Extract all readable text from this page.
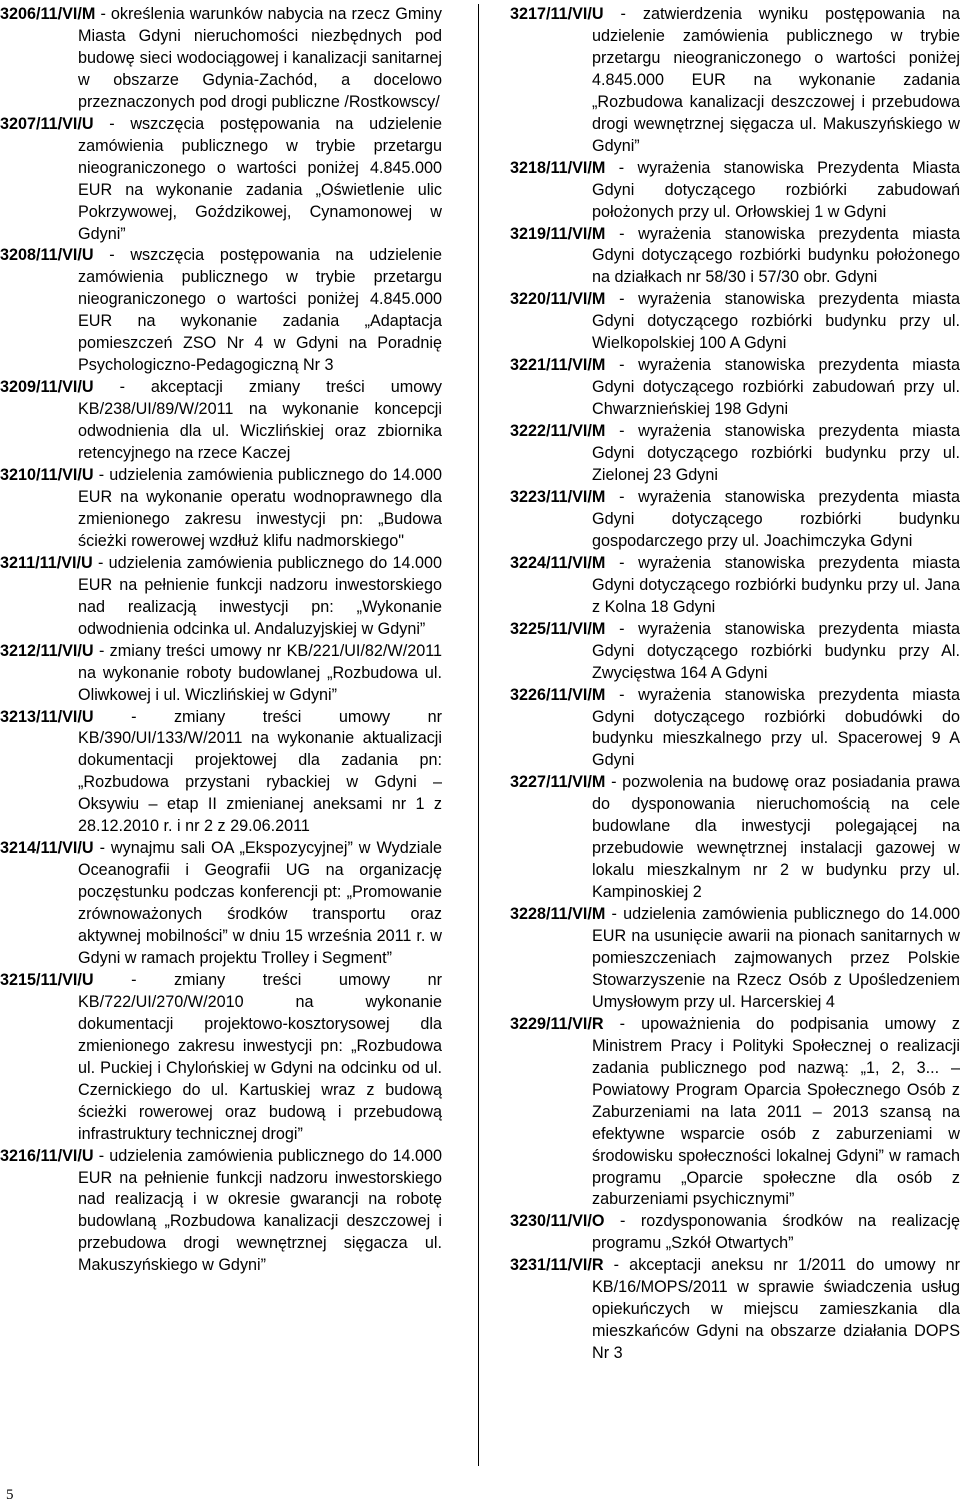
3206/11/VI/M - określenia warunków nabycia na rzecz Gminy Miasta Gdyni nieruchomości niezbędnych pod budowę sieci wodociągowej i kanalizacji sanitarnej w obszarze Gdynia-Zachód, a docelowo przeznaczonych pod drogi publiczne /Rostkowscy/

3207/11/VI/U - wszczęcia postępowania na udzielenie zamówienia publicznego w trybie przetargu nieograniczonego o wartości poniżej 4.845.000 EUR na wykonanie zadania „Oświetlenie ulic Pokrzywowej, Goździkowej, Cynamonowej w Gdyni”

3208/11/VI/U - wszczęcia postępowania na udzielenie zamówienia publicznego w trybie przetargu nieograniczonego o wartości poniżej 4.845.000 EUR na wykonanie zadania „Adaptacja pomieszczeń ZSO Nr 4 w Gdyni na Poradnię Psychologiczno-Pedagogiczną Nr 3

3209/11/VI/U - akceptacji zmiany treści umowy KB/238/UI/89/W/2011 na wykonanie koncepcji odwodnienia dla ul. Wiczlińskiej oraz zbiornika retencyjnego na rzece Kaczej

3210/11/VI/U - udzielenia zamówienia publicznego do 14.000 EUR na wykonanie operatu wodnoprawnego dla zmienionego zakresu inwestycji pn: „Budowa ścieżki rowerowej wzdłuż klifu nadmorskiego"

3211/11/VI/U - udzielenia zamówienia publicznego do 14.000 EUR na pełnienie funkcji nadzoru inwestorskiego nad realizacją inwestycji pn: „Wykonanie odwodnienia odcinka ul. Andaluzyjskiej w Gdyni”

3212/11/VI/U - zmiany treści umowy nr KB/221/UI/82/W/2011 na wykonanie roboty budowlanej „Rozbudowa ul. Oliwkowej i ul. Wiczlińskiej w Gdyni”

3213/11/VI/U - zmiany treści umowy nr KB/390/UI/133/W/2011 na wykonanie aktualizacji dokumentacji projektowej dla zadania pn: „Rozbudowa przystani rybackiej w Gdyni – Oksywiu – etap II zmienianej aneksami nr 1 z 28.12.2010 r. i nr 2 z 29.06.2011

3214/11/VI/U - wynajmu sali OA „Ekspozycyjnej” w Wydziale Oceanografii i Geografii UG na organizację poczęstunku podczas konferencji pt: „Promowanie zrównoważonych środków transportu oraz aktywnej mobilności” w dniu 15 września 2011 r. w Gdyni w ramach projektu Trolley i Segment”

3215/11/VI/U - zmiany treści umowy nr KB/722/UI/270/W/2010 na wykonanie dokumentacji projektowo-kosztorysowej dla zmienionego zakresu inwestycji pn: „Rozbudowa ul. Puckiej i Chylońskiej w Gdyni na odcinku od ul. Czernickiego do ul. Kartuskiej wraz z budową ścieżki rowerowej oraz budową i przebudową infrastruktury technicznej drogi”

3216/11/VI/U - udzielenia zamówienia publicznego do 14.000 EUR na pełnienie funkcji nadzoru inwestorskiego nad realizacją i w okresie gwarancji na robotę budowlaną „Rozbudowa kanalizacji deszczowej i przebudowa drogi wewnętrznej sięgacza ul. Makuszyńskiego w Gdyni”

3217/11/VI/U - zatwierdzenia wyniku postępowania na udzielenie zamówienia publicznego w trybie przetargu nieograniczonego o wartości poniżej 4.845.000 EUR na wykonanie zadania „Rozbudowa kanalizacji deszczowej i przebudowa drogi wewnętrznej sięgacza ul. Makuszyńskiego w Gdyni”

3218/11/VI/M - wyrażenia stanowiska Prezydenta Miasta Gdyni dotyczącego rozbiórki zabudowań położonych przy ul. Orłowskiej 1 w Gdyni

3219/11/VI/M - wyrażenia stanowiska prezydenta miasta Gdyni dotyczącego rozbiórki budynku położonego na działkach nr 58/30 i 57/30 obr. Gdyni

3220/11/VI/M - wyrażenia stanowiska prezydenta miasta Gdyni dotyczącego rozbiórki budynku przy ul. Wielkopolskiej 100 A Gdyni

3221/11/VI/M - wyrażenia stanowiska prezydenta miasta Gdyni dotyczącego rozbiórki zabudowań przy ul. Chwarznieńskiej 198 Gdyni

3222/11/VI/M - wyrażenia stanowiska prezydenta miasta Gdyni dotyczącego rozbiórki budynku przy ul. Zielonej 23 Gdyni

3223/11/VI/M - wyrażenia stanowiska prezydenta miasta Gdyni dotyczącego rozbiórki budynku gospodarczego przy ul. Joachimczyka Gdyni

3224/11/VI/M - wyrażenia stanowiska prezydenta miasta Gdyni dotyczącego rozbiórki budynku przy ul. Jana z Kolna 18 Gdyni

3225/11/VI/M - wyrażenia stanowiska prezydenta miasta Gdyni dotyczącego rozbiórki budynku przy Al. Zwycięstwa 164 A Gdyni

3226/11/VI/M - wyrażenia stanowiska prezydenta miasta Gdyni dotyczącego rozbiórki dobudówki do budynku mieszkalnego przy ul. Spacerowej 9 A Gdyni

3227/11/VI/M - pozwolenia na budowę oraz posiadania prawa do dysponowania nieruchomością na cele budowlane dla inwestycji polegającej na przebudowie wewnętrznej instalacji gazowej w lokalu mieszkalnym nr 2 w budynku przy ul. Kampinoskiej 2

3228/11/VI/M - udzielenia zamówienia publicznego do 14.000 EUR na usunięcie awarii na pionach sanitarnych w pomieszczeniach zajmowanych przez Polskie Stowarzyszenie na Rzecz Osób z Upośledzeniem Umysłowym przy ul. Harcerskiej 4

3229/11/VI/R - upoważnienia do podpisania umowy z Ministrem Pracy i Polityki Społecznej o realizacji zadania publicznego pod nazwą: „1, 2, 3... – Powiatowy Program Oparcia Społecznego Osób z Zaburzeniami na lata 2011 – 2013 szansą na efektywne wsparcie osób z zaburzeniami w środowisku społeczności lokalnej Gdyni” w ramach programu „Oparcie społeczne dla osób z zaburzeniami psychicznymi”

3230/11/VI/O - rozdysponowania środków na realizację programu „Szkół Otwartych”

3231/11/VI/R - akceptacji aneksu nr 1/2011 do umowy nr KB/16/MOPS/2011 w sprawie świadczenia usług opiekuńczych w miejscu zamieszkania dla mieszkańców Gdyni na obszarze działania DOPS Nr 3

5
